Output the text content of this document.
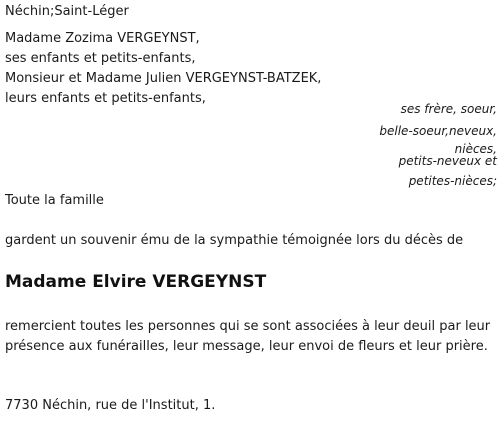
Néchin;Saint-Léger
Madame Zozima VERGEYNST,
ses enfants et petits-enfants,
Monsieur et Madame Julien VERGEYNST-BATZEK,
leurs enfants et petits-enfants,
ses frère, soeur,
belle-soeur,neveux,
nièces,
petits-neveux et
petites-nièces;
Toute la famille
gardent un souvenir ému de la sympathie témoignée lors du décès de
Madame Elvire VERGEYNST
remercient toutes les personnes qui se sont associées à leur deuil par leur présence aux funérailles, leur message, leur envoi de fleurs et leur prière.
7730 Néchin, rue de l'Institut, 1.
